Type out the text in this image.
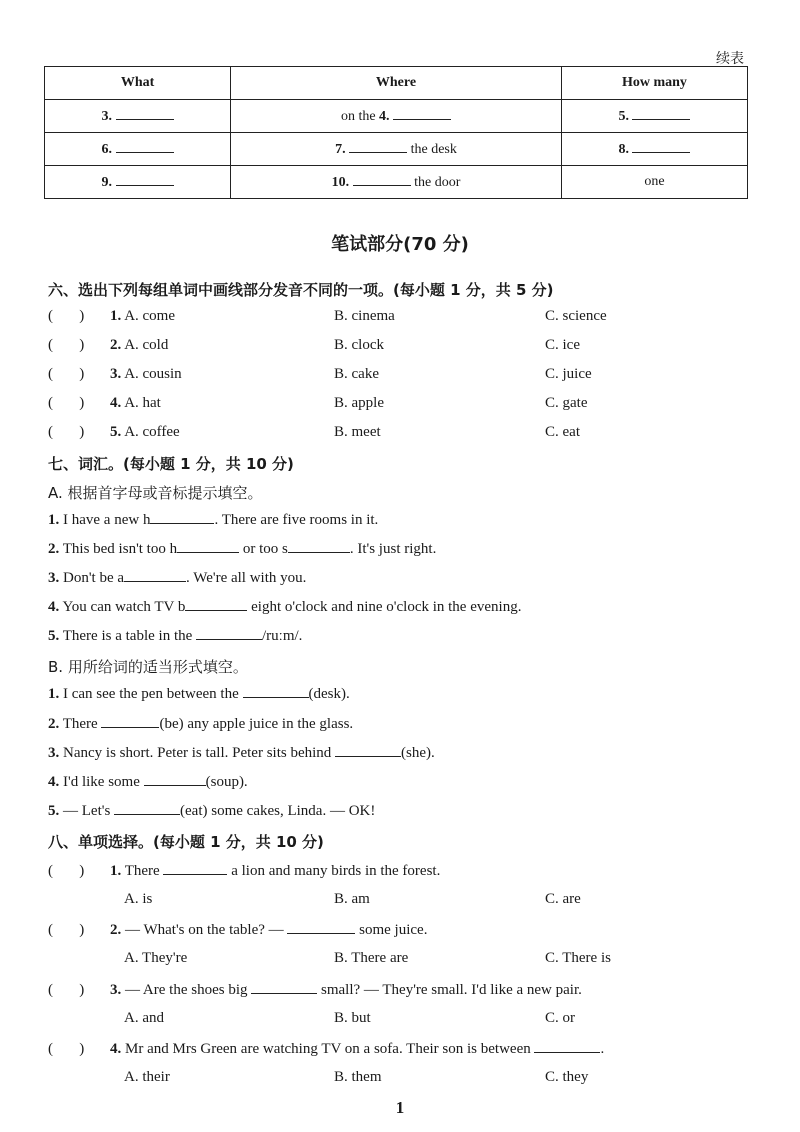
续表
What	Where	How many
3.	on the 4.	5.
6.	7. the desk	8.
9.	10. the door	one
笔试部分(70 分)
六、选出下列每组单词中画线部分发音不同的一项。(每小题 1 分，共 5 分)
(       ) 1. A. come	B. cinema	C. science
(       ) 2. A. cold	B. clock	C. ice
(       ) 3. A. cousin	B. cake	C. juice
(       ) 4. A. hat	B. apple	C. gate
(       ) 5. A. coffee	B. meet	C. eat
七、词汇。(每小题 1 分，共 10 分)
A. 根据首字母或音标提示填空。
1. I have a new h	. There are five rooms in it.
2. This bed isn't too h	or too s	. It's just right.
3. Don't be a	. We're all with you.
4. You can watch TV b	eight o'clock and nine o'clock in the evening.
5. There is a table in the	/ruːm/.
B. 用所给词的适当形式填空。
1. I can see the pen between the	(desk).
2. There	(be) any apple juice in the glass.
3. Nancy is short. Peter is tall. Peter sits behind	(she).
4. I'd like some	(soup).
5. — Let's	(eat) some cakes, Linda. — OK!
八、单项选择。(每小题 1 分，共 10 分)
(       ) 1. There	a lion and many birds in the forest.
A. is	B. am	C. are
(       ) 2. — What's on the table? —	some juice.
A. They're	B. There are	C. There is
(       ) 3. — Are the shoes big	small? — They're small. I'd like a new pair.
A. and	B. but	C. or
(       ) 4. Mr and Mrs Green are watching TV on a sofa. Their son is between	.
A. their	B. them	C. they
1
